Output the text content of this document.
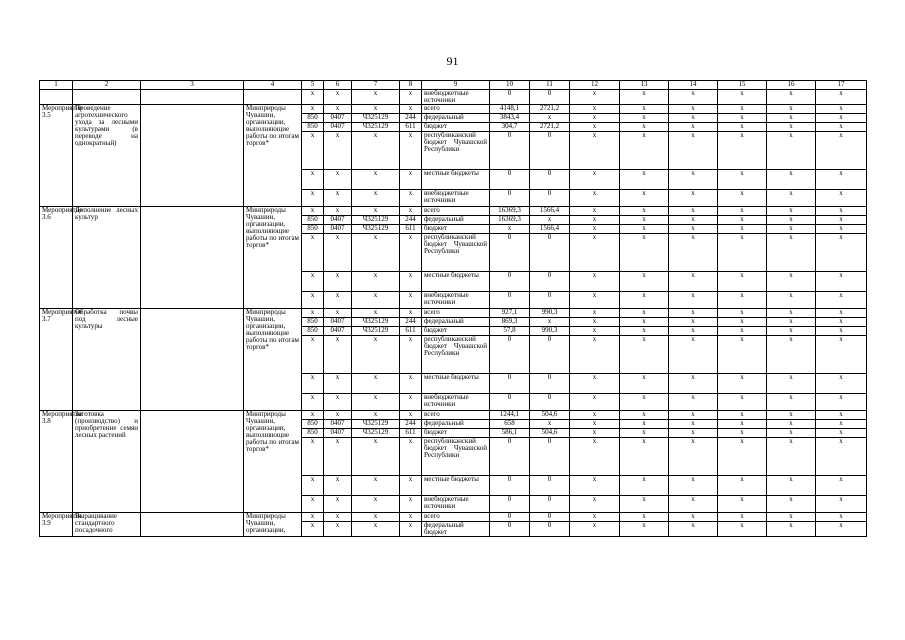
91
1	2	3	4	5	6	7	8	9	10	11	12	13	14	15	16	17
				x	x	x	x	внебюджетные источники	0	0	x	x	x	x	x	x
Мероприятие 3.5	Проведение агротехнического ухода за лесными культурами (в переводе на однократный)		Минприроды Чувашии, организации, выполняющие работы по итогам торгов*	x	x	x	x	всего	4148,1	2721,2	x	x	x	x	x	x
				850	0407	Ч325129	244	федеральный	3843,4	x	x	x	x	x	x	x
				850	0407	Ч325129	611	бюджет	304,7	2721,2	x	x	x	x	x	x
				x	x	x	x	республиканский бюджет Чувашской Республики	0	0	x	x	x	x	x	x
				x	x	x	x	местные бюджеты	0	0	x	x	x	x	x	x
				x	x	x	x	внебюджетные источники	0	0	x	x	x	x	x	x
Мероприятие 3.6	Дополнение лесных культур		Минприроды Чувашии, организации, выполняющие работы по итогам торгов*	x	x	x	x	всего	16369,3	1566,4	x	x	x	x	x	x
				850	0407	Ч325129	244	федеральный	16369,3	x	x	x	x	x	x	x
				850	0407	Ч325129	611	бюджет	x	1566,4	x	x	x	x	x	x
				x	x	x	x	республиканский бюджет Чувашской Республики	0	0	x	x	x	x	x	x
				x	x	x	x	местные бюджеты	0	0	x	x	x	x	x	x
				x	x	x	x	внебюджетные источники	0	0	x	x	x	x	x	x
Мероприятие 3.7	Обработка почвы под лесные культуры		Минприроды Чувашии, организации, выполняющие работы по итогам торгов*	x	x	x	x	всего	927,1	990,3	x	x	x	x	x	x
				850	0407	Ч325129	244	федеральный	869,3	x	x	x	x	x	x	x
				850	0407	Ч325129	611	бюджет	57,8	990,3	x	x	x	x	x	x
				x	x	x	x	республиканский бюджет Чувашской Республики	0	0	x	x	x	x	x	x
				x	x	x	x	местные бюджеты	0	0	x	x	x	x	x	x
				x	x	x	x	внебюджетные источники	0	0	x	x	x	x	x	x
Мероприятие 3.8	Заготовка (производство) и приобретение семян лесных растений		Минприроды Чувашии, организации, выполняющие работы по итогам торгов*	x	x	x	x	всего	1244,1	504,6	x	x	x	x	x	x
				850	0407	Ч325129	244	федеральный	658	x	x	x	x	x	x	x
				850	0407	Ч325129	611	бюджет	586,1	504,6	x	x	x	x	x	x
				x	x	x	x	республиканский бюджет Чувашской Республики	0	0	x	x	x	x	x	x
				x	x	x	x	местные бюджеты	0	0	x	x	x	x	x	x
				x	x	x	x	внебюджетные источники	0	0	x	x	x	x	x	x
Мероприятие 3.9	Выращивание стандартного посадочного		Минприроды Чувашии, организации,	x	x	x	x	всего	0	0	x	x	x	x	x	x
				x	x	x	x	федеральный бюджет	0	0	x	x	x	x	x	x
